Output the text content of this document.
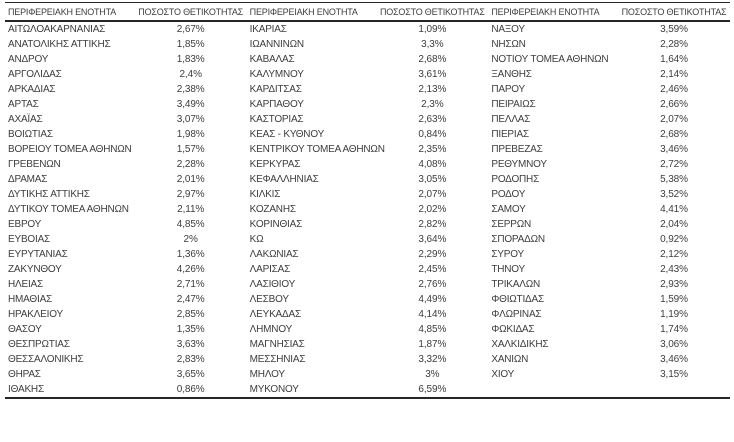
ΠΕΡΙΦΕΡΕΙΑΚΗ ΕΝΟΤΗΤΑ	ΠΟΣΟΣΤΟ ΘΕΤΙΚΟΤΗΤΑΣ ΠΕΡΙΦΕΡΕΙΑΚΗ ΕΝΟΤΗΤΑ	ΠΟΣΟΣΤΟ ΘΕΤΙΚΟΤΗΤΑΣ ΠΕΡΙΦΕΡΕΙΑΚΗ ΕΝΟΤΗΤΑ	ΠΟΣΟΣΤΟ ΘΕΤΙΚΟΤΗΤΑΣ
ΑΙΤΩΛΟΑΚΑΡΝΑΝΙΑΣ	2,67%
ΑΝΑΤΟΛΙΚΗΣ ΑΤΤΙΚΗΣ	1,85%
ΑΝΔΡΟΥ	1,83%
ΑΡΓΟΛΙΔΑΣ	2,4%
ΑΡΚΑΔΙΑΣ	2,38%
ΑΡΤΑΣ	3,49%
ΑΧΑΪΑΣ	3,07%
ΒΟΙΩΤΙΑΣ	1,98%
ΒΟΡΕΙΟΥ ΤΟΜΕΑ ΑΘΗΝΩΝ	1,57%
ΓΡΕΒΕΝΩΝ	2,28%
ΔΡΑΜΑΣ	2,01%
ΔΥΤΙΚΗΣ ΑΤΤΙΚΗΣ	2,97%
ΔΥΤΙΚΟΥ ΤΟΜΕΑ ΑΘΗΝΩΝ	2,11%
ΕΒΡΟΥ	4,85%
ΕΥΒΟΙΑΣ	2%
ΕΥΡΥΤΑΝΙΑΣ	1,36%
ΖΑΚΥΝΘΟΥ	4,26%
ΗΛΕΙΑΣ	2,71%
ΗΜΑΘΙΑΣ	2,47%
ΗΡΑΚΛΕΙΟΥ	2,85%
ΘΑΣΟΥ	1,35%
ΘΕΣΠΡΩΤΙΑΣ	3,63%
ΘΕΣΣΑΛΟΝΙΚΗΣ	2,83%
ΘΗΡΑΣ	3,65%
ΙΘΑΚΗΣ	0,86%
ΙΚΑΡΙΑΣ	1,09%
ΙΩΑΝΝΙΝΩΝ	3,3%
ΚΑΒΑΛΑΣ	2,68%
ΚΑΛΥΜΝΟΥ	3,61%
ΚΑΡΔΙΤΣΑΣ	2,13%
ΚΑΡΠΑΘΟΥ	2,3%
ΚΑΣΤΟΡΙΑΣ	2,63%
ΚΕΑΣ - ΚΥΘΝΟΥ	0,84%
ΚΕΝΤΡΙΚΟΥ ΤΟΜΕΑ ΑΘΗΝΩΝ	2,35%
ΚΕΡΚΥΡΑΣ	4,08%
ΚΕΦΑΛΛΗΝΙΑΣ	3,05%
ΚΙΛΚΙΣ	2,07%
ΚΟΖΑΝΗΣ	2,02%
ΚΟΡΙΝΘΙΑΣ	2,82%
ΚΩ	3,64%
ΛΑΚΩΝΙΑΣ	2,29%
ΛΑΡΙΣΑΣ	2,45%
ΛΑΣΙΘΙΟΥ	2,76%
ΛΕΣΒΟΥ	4,49%
ΛΕΥΚΑΔΑΣ	4,14%
ΛΗΜΝΟΥ	4,85%
ΜΑΓΝΗΣΙΑΣ	1,87%
ΜΕΣΣΗΝΙΑΣ	3,32%
ΜΗΛΟΥ	3%
ΜΥΚΟΝΟΥ	6,59%
ΝΑΞΟΥ	3,59%
ΝΗΣΩΝ	2,28%
ΝΟΤΙΟΥ ΤΟΜΕΑ ΑΘΗΝΩΝ	1,64%
ΞΑΝΘΗΣ	2,14%
ΠΑΡΟΥ	2,46%
ΠΕΙΡΑΙΩΣ	2,66%
ΠΕΛΛΑΣ	2,07%
ΠΙΕΡΙΑΣ	2,68%
ΠΡΕΒΕΖΑΣ	3,46%
ΡΕΘΥΜΝΟΥ	2,72%
ΡΟΔΟΠΗΣ	5,38%
ΡΟΔΟΥ	3,52%
ΣΑΜΟΥ	4,41%
ΣΕΡΡΩΝ	2,04%
ΣΠΟΡΑΔΩΝ	0,92%
ΣΥΡΟΥ	2,12%
ΤΗΝΟΥ	2,43%
ΤΡΙΚΑΛΩΝ	2,93%
ΦΘΙΩΤΙΔΑΣ	1,59%
ΦΛΩΡΙΝΑΣ	1,19%
ΦΩΚΙΔΑΣ	1,74%
ΧΑΛΚΙΔΙΚΗΣ	3,06%
ΧΑΝΙΩΝ	3,46%
ΧΙΟΥ	3,15%
